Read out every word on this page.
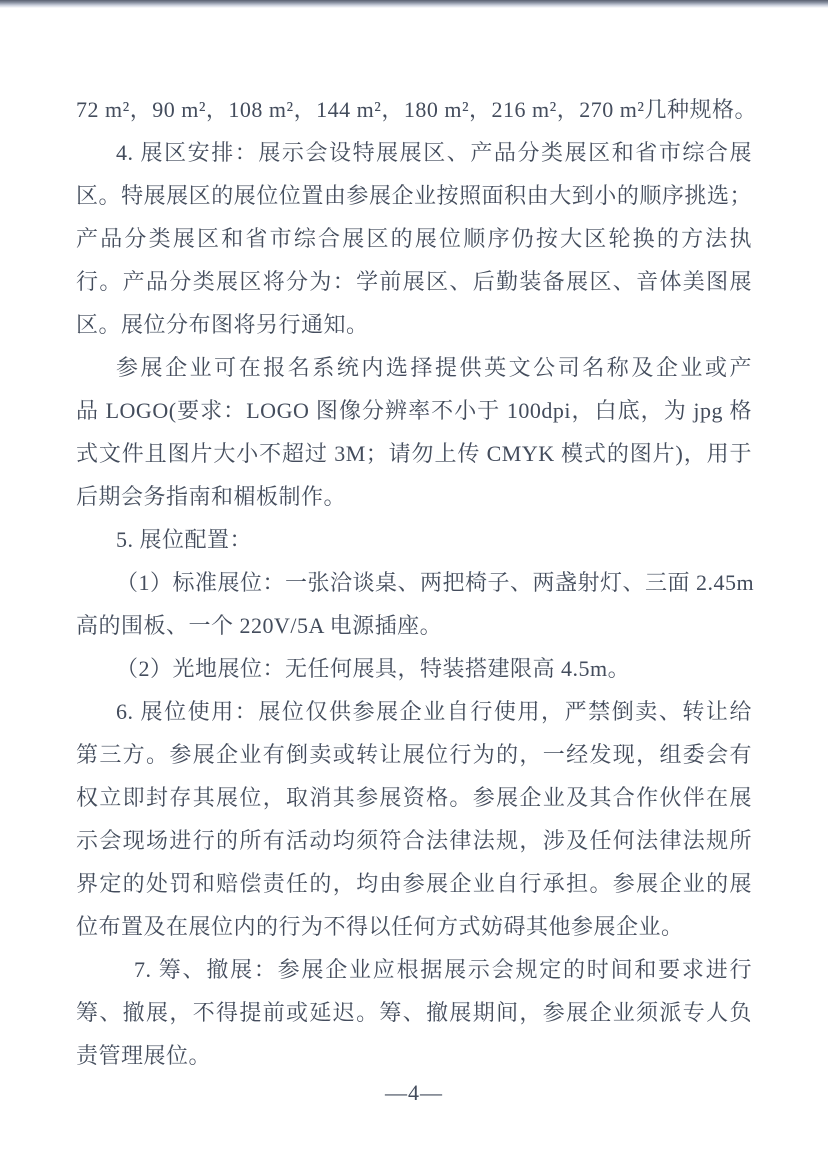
72 m²，90 m²，108 m²，144 m²，180 m²，216 m²，270 m²几种规格。
4. 展区安排：展示会设特展展区、产品分类展区和省市综合展
区。特展展区的展位位置由参展企业按照面积由大到小的顺序挑选；
产品分类展区和省市综合展区的展位顺序仍按大区轮换的方法执
行。产品分类展区将分为：学前展区、后勤装备展区、音体美图展
区。展位分布图将另行通知。
参展企业可在报名系统内选择提供英文公司名称及企业或产
品 LOGO(要求：LOGO 图像分辨率不小于 100dpi，白底，为 jpg 格
式文件且图片大小不超过 3M；请勿上传 CMYK 模式的图片)，用于
后期会务指南和楣板制作。
5. 展位配置：
（1）标准展位：一张洽谈桌、两把椅子、两盏射灯、三面 2.45m
高的围板、一个 220V/5A 电源插座。
（2）光地展位：无任何展具，特装搭建限高 4.5m。
6. 展位使用：展位仅供参展企业自行使用，严禁倒卖、转让给
第三方。参展企业有倒卖或转让展位行为的，一经发现，组委会有
权立即封存其展位，取消其参展资格。参展企业及其合作伙伴在展
示会现场进行的所有活动均须符合法律法规，涉及任何法律法规所
界定的处罚和赔偿责任的，均由参展企业自行承担。参展企业的展
位布置及在展位内的行为不得以任何方式妨碍其他参展企业。
7. 筹、撤展：参展企业应根据展示会规定的时间和要求进行
筹、撤展，不得提前或延迟。筹、撤展期间，参展企业须派专人负
责管理展位。
—4—
